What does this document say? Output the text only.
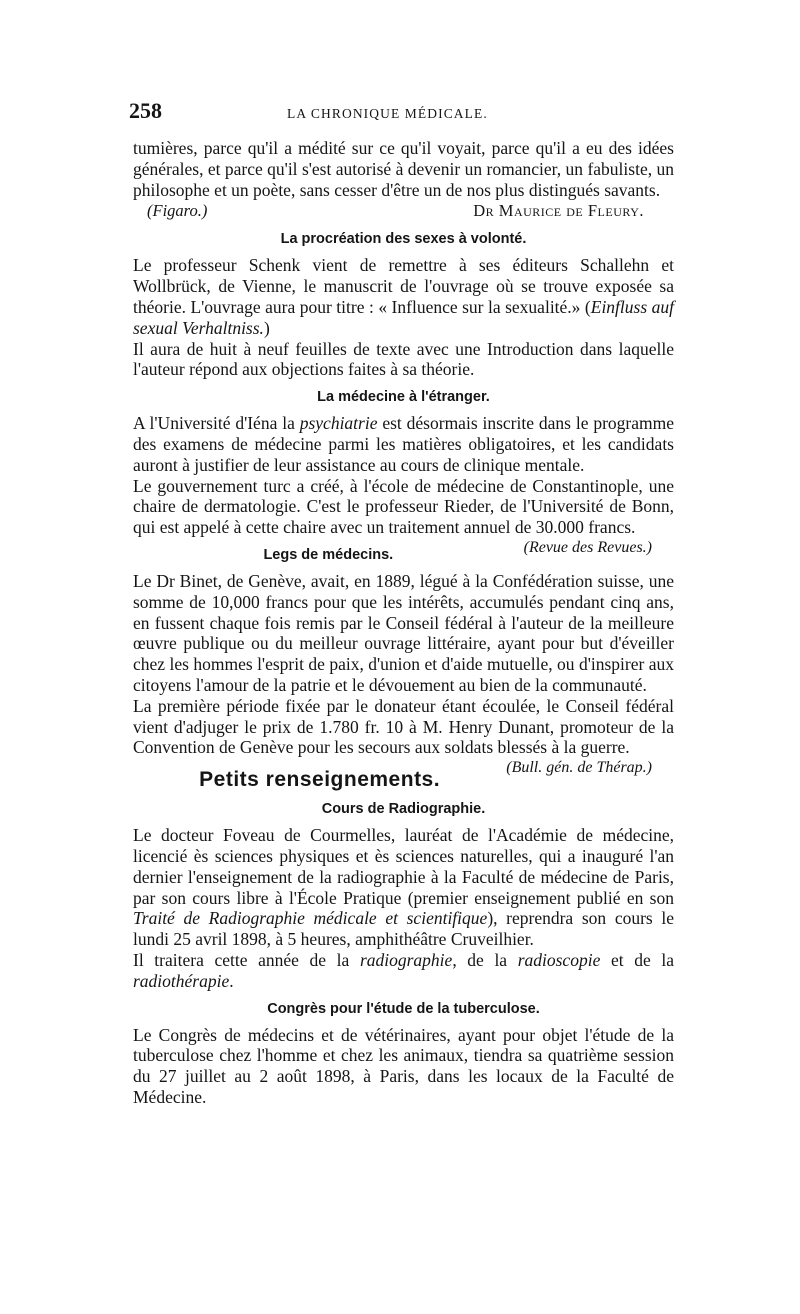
258	LA CHRONIQUE MÉDICALE.

tumières, parce qu'il a médité sur ce qu'il voyait, parce qu'il a eu des idées générales, et parce qu'il s'est autorisé à devenir un romancier, un fabuliste, un philosophe et un poète, sans cesser d'être un de nos plus distingués savants.

(Figaro.)	Dr Maurice de Fleury.
La procréation des sexes à volonté.

Le professeur Schenk vient de remettre à ses éditeurs Schallehn et Wollbrück, de Vienne, le manuscrit de l'ouvrage où se trouve exposée sa théorie. L'ouvrage aura pour titre : « Influence sur la sexualité.» (Einfluss auf sexual Verhaltniss.)

Il aura de huit à neuf feuilles de texte avec une Introduction dans laquelle l'auteur répond aux objections faites à sa théorie.

La médecine à l'étranger.

A l'Université d'Iéna la psychiatrie est désormais inscrite dans le programme des examens de médecine parmi les matières obligatoires, et les candidats auront à justifier de leur assistance au cours de clinique mentale.

Le gouvernement turc a créé, à l'école de médecine de Constantinople, une chaire de dermatologie. C'est le professeur Rieder, de l'Université de Bonn, qui est appelé à cette chaire avec un traitement annuel de 30.000 francs.
(Revue des Revues.)

Legs de médecins.

Le Dr Binet, de Genève, avait, en 1889, légué à la Confédération suisse, une somme de 10,000 francs pour que les intérêts, accumulés pendant cinq ans, en fussent chaque fois remis par le Conseil fédéral à l'auteur de la meilleure œuvre publique ou du meilleur ouvrage littéraire, ayant pour but d'éveiller chez les hommes l'esprit de paix, d'union et d'aide mutuelle, ou d'inspirer aux citoyens l'amour de la patrie et le dévouement au bien de la communauté.

La première période fixée par le donateur étant écoulée, le Conseil fédéral vient d'adjuger le prix de 1.780 fr. 10 à M. Henry Dunant, promoteur de la Convention de Genève pour les secours aux soldats blessés à la guerre.
(Bull. gén. de Thérap.)

Petits renseignements.
Cours de Radiographie.

Le docteur Foveau de Courmelles, lauréat de l'Académie de médecine, licencié ès sciences physiques et ès sciences naturelles, qui a inauguré l'an dernier l'enseignement de la radiographie à la Faculté de médecine de Paris, par son cours libre à l'École Pratique (premier enseignement publié en son Traité de Radiographie médicale et scientifique), reprendra son cours le lundi 25 avril 1898, à 5 heures, amphithéâtre Cruveilhier.

Il traitera cette année de la radiographie, de la radioscopie et de la radiothérapie.

Congrès pour l'étude de la tuberculose.

Le Congrès de médecins et de vétérinaires, ayant pour objet l'étude de la tuberculose chez l'homme et chez les animaux, tiendra sa quatrième session du 27 juillet au 2 août 1898, à Paris, dans les locaux de la Faculté de Médecine.
